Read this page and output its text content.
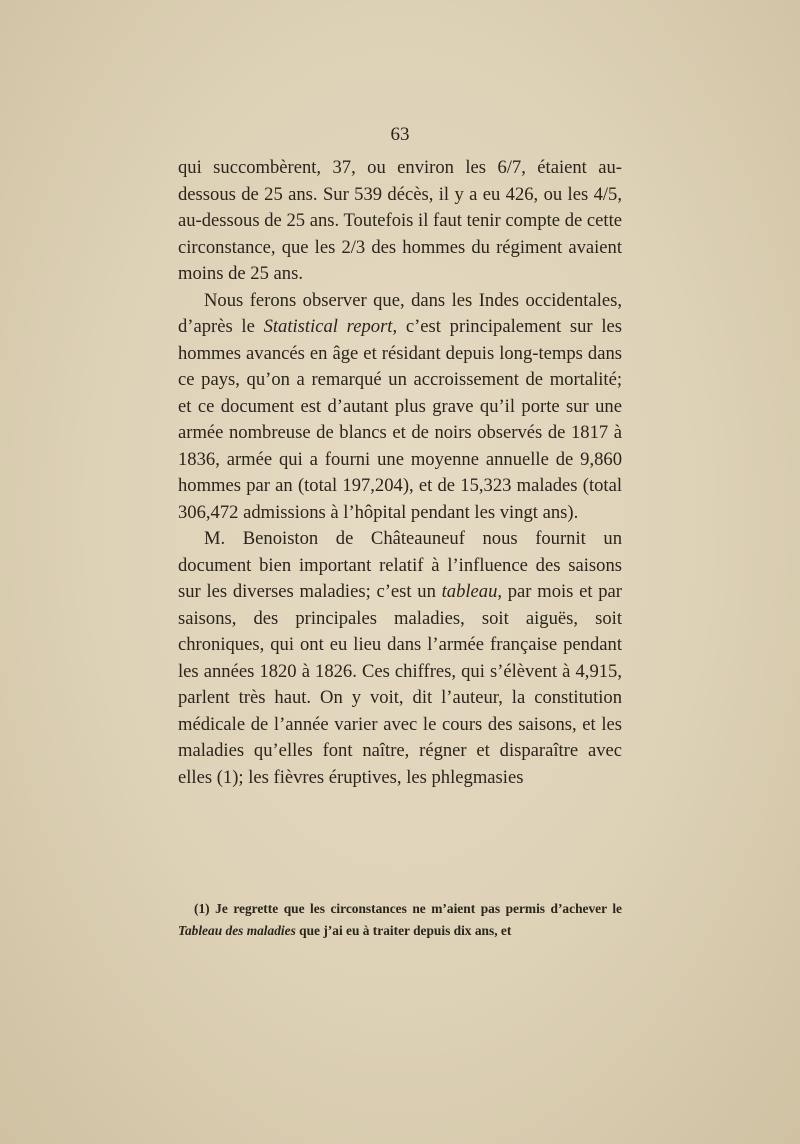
63

qui succombèrent, 37, ou environ les 6/7, étaient au-dessous de 25 ans. Sur 539 décès, il y a eu 426, ou les 4/5, au-dessous de 25 ans. Toutefois il faut tenir compte de cette circonstance, que les 2/3 des hommes du régiment avaient moins de 25 ans.

Nous ferons observer que, dans les Indes occidentales, d’après le Statistical report, c’est principalement sur les hommes avancés en âge et résidant depuis long-temps dans ce pays, qu’on a remarqué un accroissement de mortalité; et ce document est d’autant plus grave qu’il porte sur une armée nombreuse de blancs et de noirs observés de 1817 à 1836, armée qui a fourni une moyenne annuelle de 9,860 hommes par an (total 197,204), et de 15,323 malades (total 306,472 admissions à l’hôpital pendant les vingt ans).

M. Benoiston de Châteauneuf nous fournit un document bien important relatif à l’influence des saisons sur les diverses maladies; c’est un tableau, par mois et par saisons, des principales maladies, soit aiguës, soit chroniques, qui ont eu lieu dans l’armée française pendant les années 1820 à 1826. Ces chiffres, qui s’élèvent à 4,915, parlent très haut. On y voit, dit l’auteur, la constitution médicale de l’année varier avec le cours des saisons, et les maladies qu’elles font naître, régner et disparaître avec elles (1); les fièvres éruptives, les phlegmasies

(1) Je regrette que les circonstances ne m’aient pas permis d’achever le Tableau des maladies que j’ai eu à traiter depuis dix ans, et
